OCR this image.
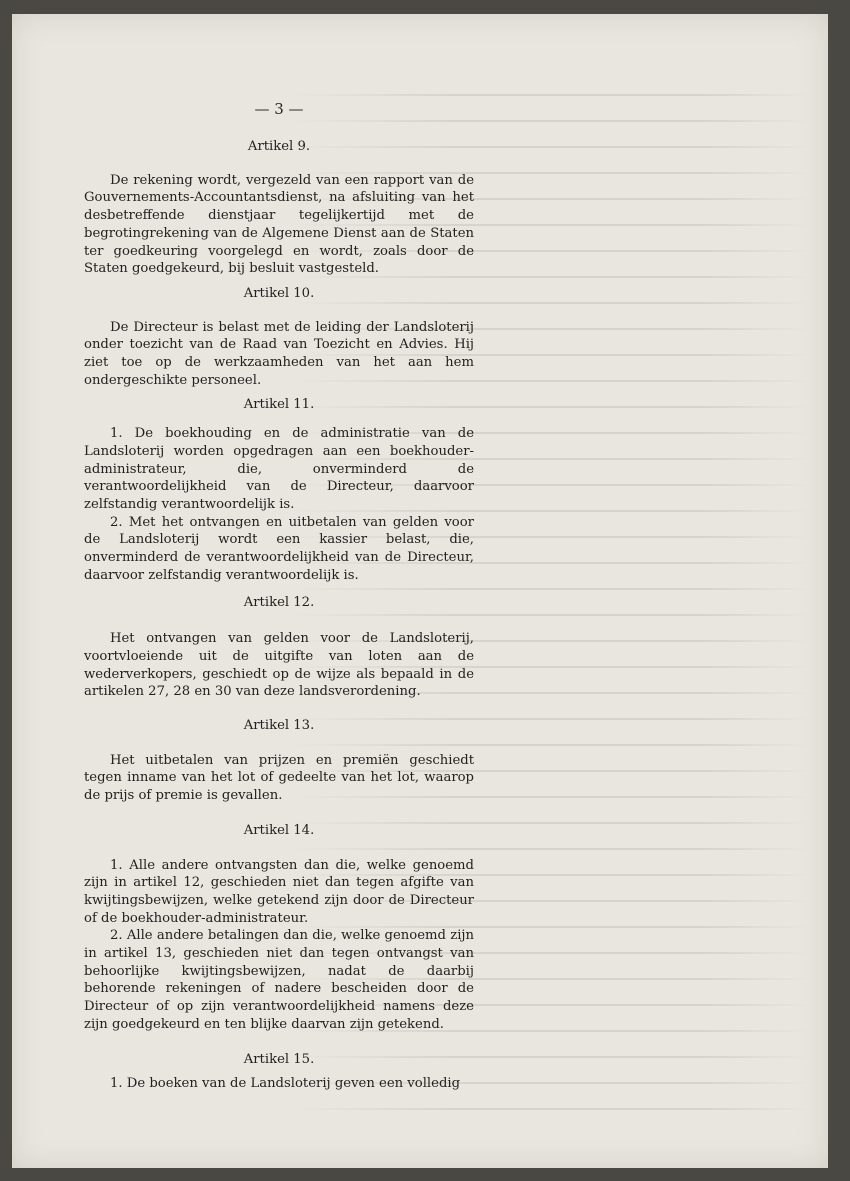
— 3 —

Artikel 9.

De rekening wordt, vergezeld van een rapport van de Gouvernements-Accountantsdienst, na afsluiting van het desbetreffende dienstjaar tegelijkertijd met de begrotingrekening van de Algemene Dienst aan de Staten ter goedkeuring voorgelegd en wordt, zoals door de Staten goedgekeurd, bij besluit vastgesteld.

Artikel 10.

De Directeur is belast met de leiding der Landsloterij onder toezicht van de Raad van Toezicht en Advies. Hij ziet toe op de werkzaamheden van het aan hem ondergeschikte personeel.

Artikel 11.

1. De boekhouding en de administratie van de Landsloterij worden opgedragen aan een boekhouder-administrateur, die, onverminderd de verantwoordelijkheid van de Directeur, daarvoor zelfstandig verantwoordelijk is.

2. Met het ontvangen en uitbetalen van gelden voor de Landsloterij wordt een kassier belast, die, onverminderd de verantwoordelijkheid van de Directeur, daarvoor zelfstandig verantwoordelijk is.

Artikel 12.

Het ontvangen van gelden voor de Landsloterij, voortvloeiende uit de uitgifte van loten aan de wederverkopers, geschiedt op de wijze als bepaald in de artikelen 27, 28 en 30 van deze landsverordening.

Artikel 13.

Het uitbetalen van prijzen en premiën geschiedt tegen inname van het lot of gedeelte van het lot, waarop de prijs of premie is gevallen.

Artikel 14.

1. Alle andere ontvangsten dan die, welke genoemd zijn in artikel 12, geschieden niet dan tegen afgifte van kwijtingsbewijzen, welke getekend zijn door de Directeur of de boekhouder-administrateur.

2. Alle andere betalingen dan die, welke genoemd zijn in artikel 13, geschieden niet dan tegen ontvangst van behoorlijke kwijtingsbewijzen, nadat de daarbij behorende rekeningen of nadere bescheiden door de Directeur of op zijn verantwoordelijkheid namens deze zijn goedgekeurd en ten blijke daarvan zijn getekend.

Artikel 15.

1. De boeken van de Landsloterij geven een volledig
